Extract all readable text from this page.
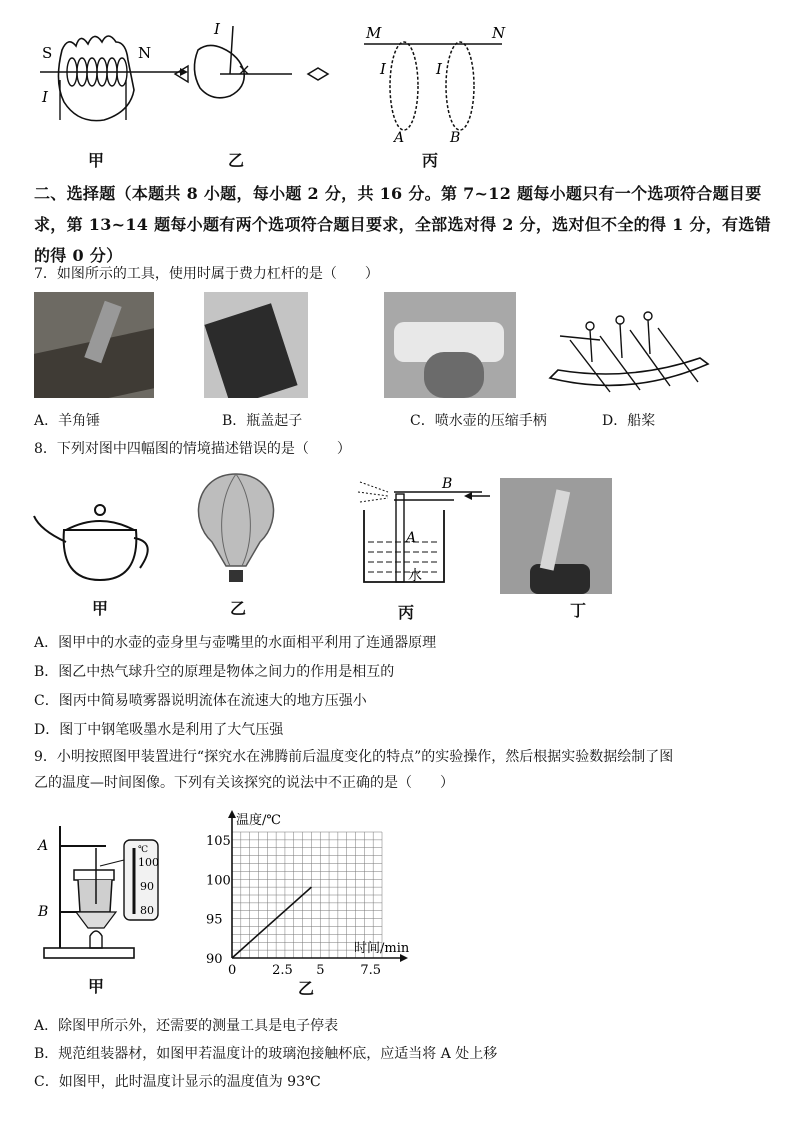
S	N
I
I	M	N
I	I
A	B
甲	乙	丙
二、选择题（本题共 8 小题，每小题 2 分，共 16 分。第 7~12 题每小题只有一个选项符合题目要求，第 13~14 题每小题有两个选项符合题目要求，全部选对得 2 分，选对但不全的得 1 分，有选错的得 0 分）
7．如图所示的工具，使用时属于费力杠杆的是（　　）
A．羊角锤	B．瓶盖起子	C．喷水壶的压缩手柄	D．船桨
8．下列对图中四幅图的情境描述错误的是（　　）
B
A
水
甲	乙	丙	丁
A．图甲中的水壶的壶身里与壶嘴里的水面相平利用了连通器原理
B．图乙中热气球升空的原理是物体之间力的作用是相互的
C．图丙中简易喷雾器说明流体在流速大的地方压强小
D．图丁中钢笔吸墨水是利用了大气压强
9．小明按照图甲装置进行“探究水在沸腾前后温度变化的特点”的实验操作，然后根据实验数据绘制了图
乙的温度—时间图像。下列有关该探究的说法中不正确的是（　　）
A
B
℃
100
90
80
温度/℃
时间/min
0	2.5 5	7.5
90
95
100
105
甲	乙
A．除图甲所示外，还需要的测量工具是电子停表
B．规范组装器材，如图甲若温度计的玻璃泡接触杯底，应适当将 A 处上移
C．如图甲，此时温度计显示的温度值为 93℃
